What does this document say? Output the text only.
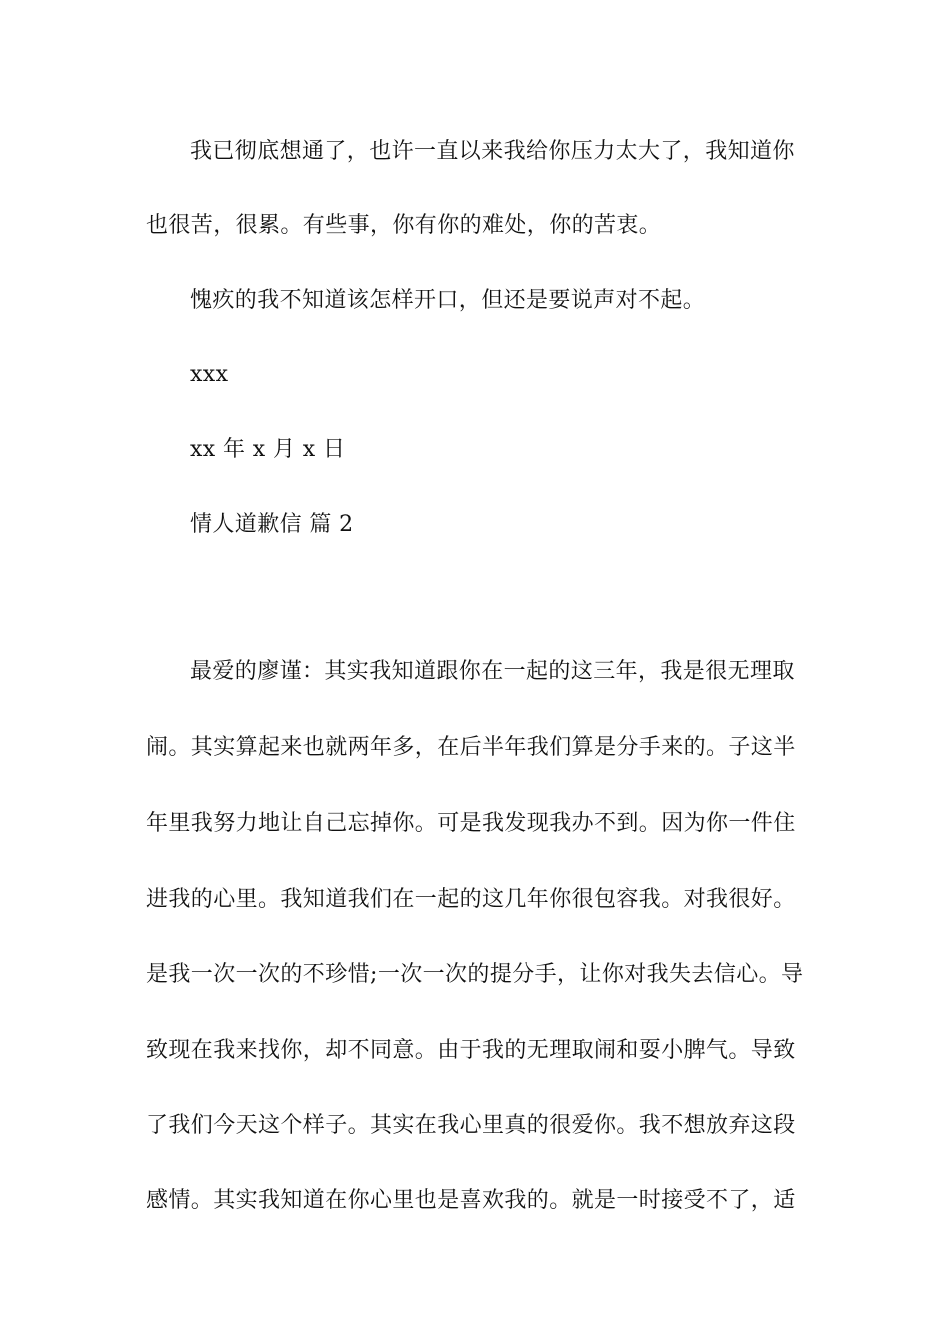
我已彻底想通了，也许一直以来我给你压力太大了，我知道你
也很苦，很累。有些事，你有你的难处，你的苦衷。
愧疚的我不知道该怎样开口，但还是要说声对不起。
xxx
xx 年 x 月 x 日
情人道歉信 篇 2
最爱的廖谨：其实我知道跟你在一起的这三年，我是很无理取
闹。其实算起来也就两年多，在后半年我们算是分手来的。子这半
年里我努力地让自己忘掉你。可是我发现我办不到。因为你一件住
进我的心里。我知道我们在一起的这几年你很包容我。对我很好。
是我一次一次的不珍惜;一次一次的提分手，让你对我失去信心。导
致现在我来找你，却不同意。由于我的无理取闹和耍小脾气。导致
了我们今天这个样子。其实在我心里真的很爱你。我不想放弃这段
感情。其实我知道在你心里也是喜欢我的。就是一时接受不了，适
